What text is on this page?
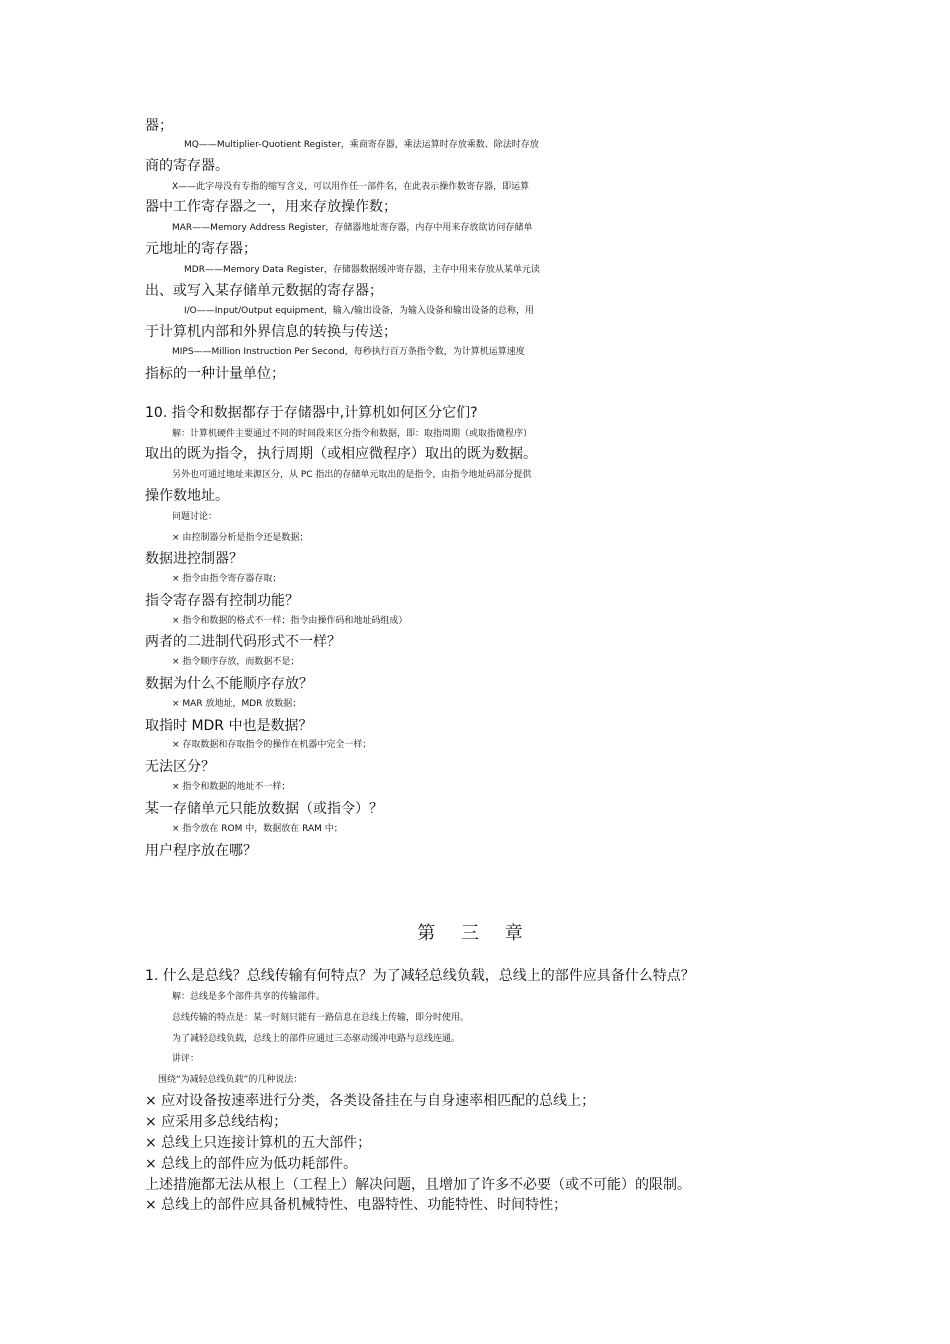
器；
MQ——Multiplier-Quotient Register，乘商寄存器，乘法运算时存放乘数、除法时存放
商的寄存器。
X——此字母没有专指的缩写含义，可以用作任一部件名，在此表示操作数寄存器，即运算
器中工作寄存器之一，用来存放操作数；
MAR——Memory Address Register，存储器地址寄存器，内存中用来存放欲访问存储单
元地址的寄存器；
MDR——Memory Data Register，存储器数据缓冲寄存器，主存中用来存放从某单元读
出、或写入某存储单元数据的寄存器；
I/O——Input/Output equipment，输入/输出设备，为输入设备和输出设备的总称，用
于计算机内部和外界信息的转换与传送；
MIPS——Million Instruction Per Second，每秒执行百万条指令数，为计算机运算速度
指标的一种计量单位；
10. 指令和数据都存于存储器中,计算机如何区分它们?
解：计算机硬件主要通过不同的时间段来区分指令和数据，即：取指周期（或取指微程序）
取出的既为指令，执行周期（或相应微程序）取出的既为数据。
另外也可通过地址来源区分，从 PC 指出的存储单元取出的是指令，由指令地址码部分提供
操作数地址。
问题讨论：
× 由控制器分析是指令还是数据；
数据进控制器？
× 指令由指令寄存器存取；
指令寄存器有控制功能？
× 指令和数据的格式不一样；指令由操作码和地址码组成）
两者的二进制代码形式不一样？
× 指令顺序存放，而数据不是；
数据为什么不能顺序存放？
× MAR 放地址，MDR 放数据；
取指时 MDR 中也是数据？
× 存取数据和存取指令的操作在机器中完全一样；
无法区分？
× 指令和数据的地址不一样；
某一存储单元只能放数据（或指令）？
× 指令放在 ROM 中，数据放在 RAM 中；
用户程序放在哪？
第 三 章
1. 什么是总线？总线传输有何特点？为了减轻总线负载，总线上的部件应具备什么特点？
解：总线是多个部件共享的传输部件。
总线传输的特点是：某一时刻只能有一路信息在总线上传输，即分时使用。
为了减轻总线负载，总线上的部件应通过三态驱动缓冲电路与总线连通。
讲评：
围绕“为减轻总线负载”的几种说法：
× 应对设备按速率进行分类，各类设备挂在与自身速率相匹配的总线上；
× 应采用多总线结构；
× 总线上只连接计算机的五大部件；
× 总线上的部件应为低功耗部件。
上述措施都无法从根上（工程上）解决问题，且增加了许多不必要（或不可能）的限制。
× 总线上的部件应具备机械特性、电器特性、功能特性、时间特性；
